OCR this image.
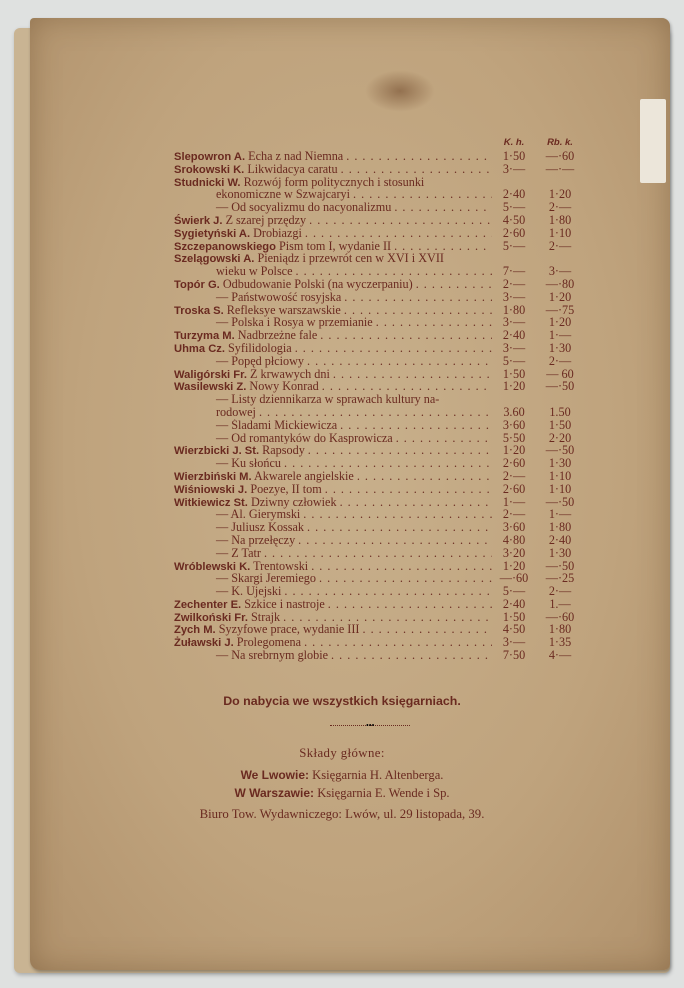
K. h.	Rb. k.
Slepowron A. Echa z nad Niemna . . .	1·50	—·60
Srokowski K. Likwidacya caratu . . .	3·—	—·—
Studnicki W. Rozwój form politycznych i stosunki
ekonomiczne w Szwajcaryi . . .	2·40	1·20
— Od socyalizmu do nacyonalizmu . . .	5·—	2·—
Świerk J. Z szarej przędzy . . .	4·50	1·80
Sygietyński A. Drobiazgi . . .	2·60	1·10
Szczepanowskiego Pism tom I, wydanie II . . .	5·—	2·—
Szelągowski A. Pieniądz i przewrót cen w XVI i XVII
wieku w Polsce . . .	7·—	3·—
Topór G. Odbudowanie Polski (na wyczerpaniu) . . .	2·—	—·80
— Państwowość rosyjska . . .	3·—	1·20
Troska S. Refleksye warszawskie . . .	1·80	—·75
— Polska i Rosya w przemianie . . .	3·—	1·20
Turzyma M. Nadbrzeżne fale . . .	2·40	1·—
Uhma Cz. Syfilidologia . . .	3·—	1·30
— Popęd płciowy . . .	5·—	2·—
Waligórski Fr. Z krwawych dni . . .	1·50	— 60
Wasilewski Z. Nowy Konrad . . .	1·20	—·50
— Listy dziennikarza w sprawach kultury na-
rodowej . . .	3.60	1.50
— Śladami Mickiewicza . . .	3·60	1·50
— Od romantyków do Kasprowicza . . .	5·50	2·20
Wierzbicki J. St. Rapsody . . .	1·20	—·50
— Ku słońcu . . .	2·60	1·30
Wierzbiński M. Akwarele angielskie . . .	2·—	1·10
Wiśniowski J. Poezye, II tom . . .	2·60	1·10
Witkiewicz St. Dziwny człowiek . . .	1·—	—·50
— Al. Gierymski . . .	2·—	1·—
— Juliusz Kossak . . .	3·60	1·80
— Na przełęczy . . .	4·80	2·40
— Z Tatr . . .	3·20	1·30
Wróblewski K. Trentowski . . .	1·20	—·50
— Skargi Jeremiego . . .	—·60	—·25
— K. Ujejski . . .	5·—	2·—
Zechenter E. Szkice i nastroje . . .	2·40	1.—
Zwilkoński Fr. Strajk . . .	1·50	—·60
Zych M. Syzyfowe prace, wydanie III . . .	4·50	1·80
Żuławski J. Prolegomena . . .	3·—	1·35
— Na srebrnym globie . . .	7·50	4·—
Do nabycia we wszystkich księgarniach.
•••
Składy główne:
We Lwowie: Księgarnia H. Altenberga.
W Warszawie: Księgarnia E. Wende i Sp.
Biuro Tow. Wydawniczego: Lwów, ul. 29 listopada, 39.
